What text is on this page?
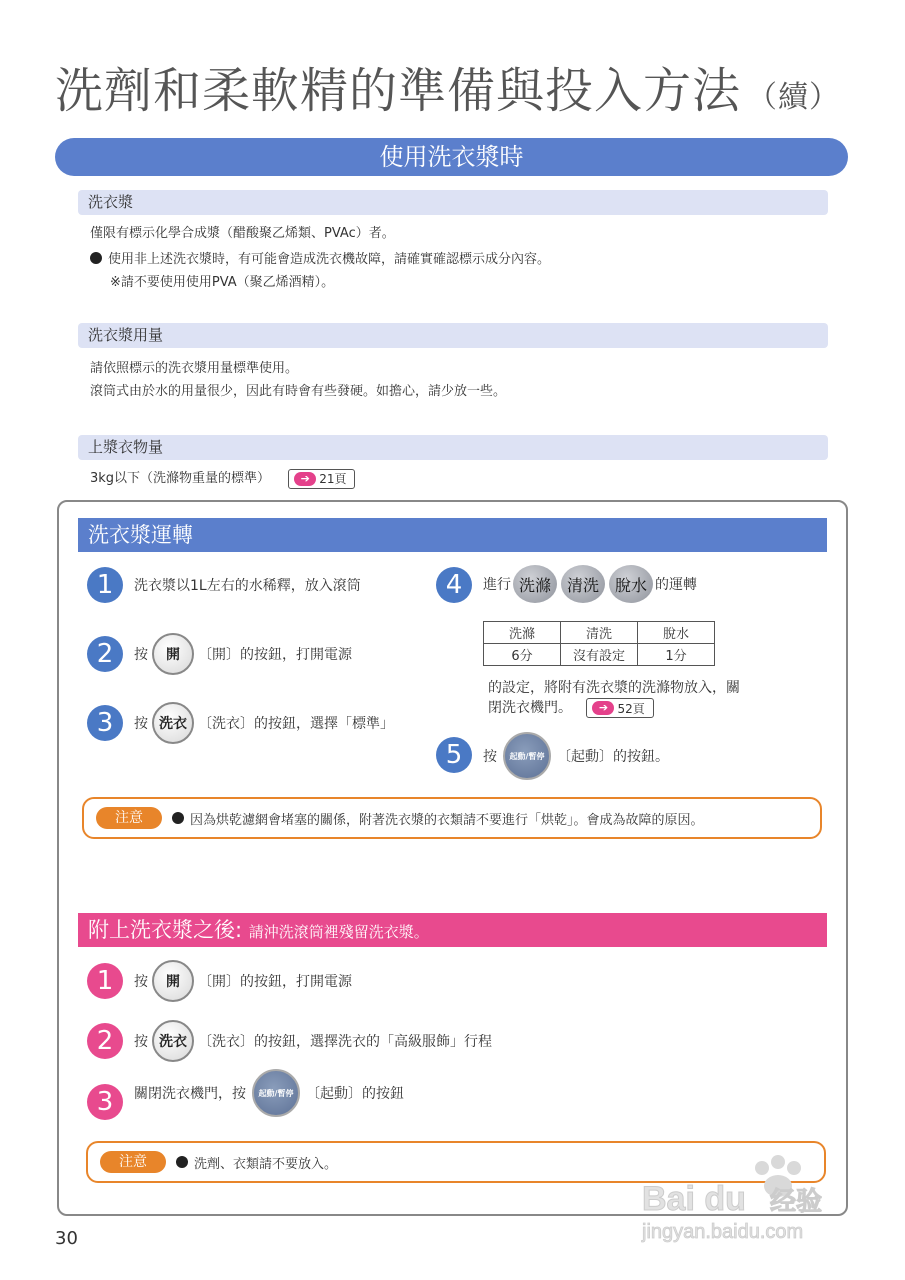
洗劑和柔軟精的準備與投入方法 （續）
使用洗衣漿時
洗衣漿
僅限有標示化學合成漿（醋酸聚乙烯類、PVAc）者。
使用非上述洗衣漿時，有可能會造成洗衣機故障，請確實確認標示成分內容。
※請不要使用使用PVA（聚乙烯酒精）。
洗衣漿用量
請依照標示的洗衣漿用量標準使用。
滾筒式由於水的用量很少，因此有時會有些發硬。如擔心，請少放一些。
上漿衣物量
3kg以下（洗滌物重量的標準）	➔ 21頁
洗衣漿運轉
1	洗衣漿以1L左右的水稀釋，放入滾筒
2	按	開	〔開〕的按鈕，打開電源
3	按 洗衣 〔洗衣〕的按鈕，選擇「標準」
4	進行 洗滌 清洗 脫水 的運轉
洗滌	清洗	脫水
6分	沒有設定	1分
的設定，將附有洗衣漿的洗滌物放入，關
閉洗衣機門。	➔ 52頁
5	按	起動/暫停 〔起動〕的按鈕。
注意	因為烘乾濾網會堵塞的關係，附著洗衣漿的衣類請不要進行「烘乾」。會成為故障的原因。
附上洗衣漿之後: 請沖洗滾筒裡殘留洗衣漿。
1	按	開	〔開〕的按鈕，打開電源
2	按 洗衣 〔洗衣〕的按鈕，選擇洗衣的「高級服飾」行程
3	關閉洗衣機門，按	起動/暫停 〔起動〕的按鈕
注意	洗劑、衣類請不要放入。
30
Bai du 经验
jingyan.baidu.com
